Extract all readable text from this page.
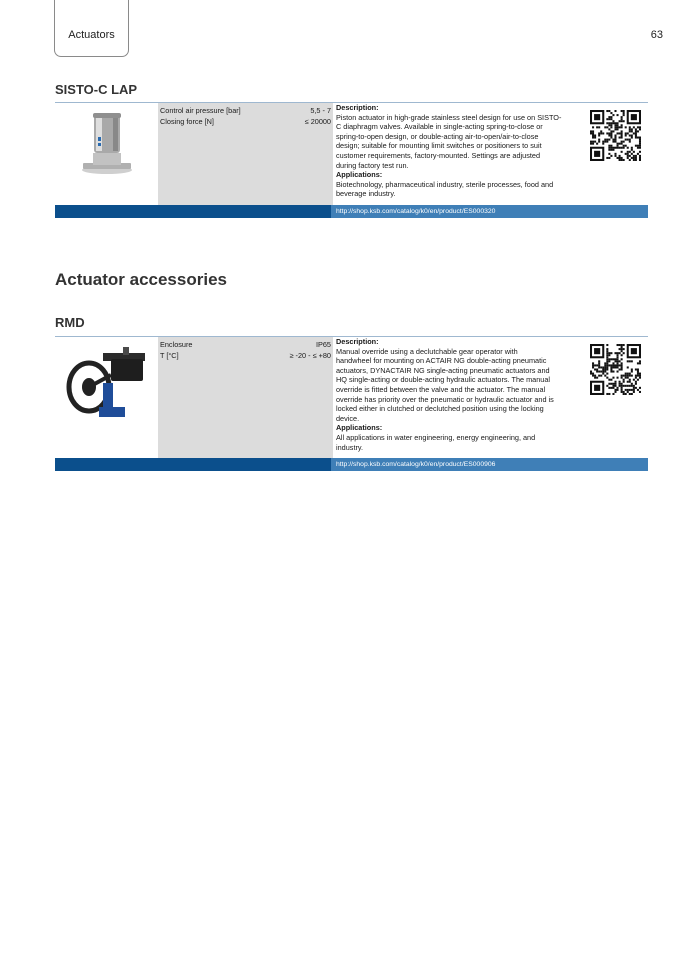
Actuators	63
SISTO-C LAP
Control air pressure [bar]	5,5 - 7
Closing force [N]	≤ 20000

Description:

Piston actuator in high-grade stainless steel design for use on SISTO-

C diaphragm valves. Available in single-acting spring-to-close or

spring-to-open design, or double-acting air-to-open/air-to-close

design; suitable for mounting limit switches or positioners to suit

customer requirements, factory-mounted. Settings are adjusted

during factory test run.

Applications:

Biotechnology, pharmaceutical industry, sterile processes, food and

beverage industry.

http://shop.ksb.com/catalog/k0/en/product/ES000320
Actuator accessories
RMD
Enclosure	IP65
T [°C]	≥ -20 - ≤ +80

Description:

Manual override using a declutchable gear operator with

handwheel for mounting on ACTAIR NG double-acting pneumatic

actuators, DYNACTAIR NG single-acting pneumatic actuators and

HQ single-acting or double-acting hydraulic actuators. The manual

override is fitted between the valve and the actuator. The manual

override has priority over the pneumatic or hydraulic actuator and is

locked either in clutched or declutched position using the locking

device.

Applications:

All applications in water engineering, energy engineering, and

industry.

http://shop.ksb.com/catalog/k0/en/product/ES000906
